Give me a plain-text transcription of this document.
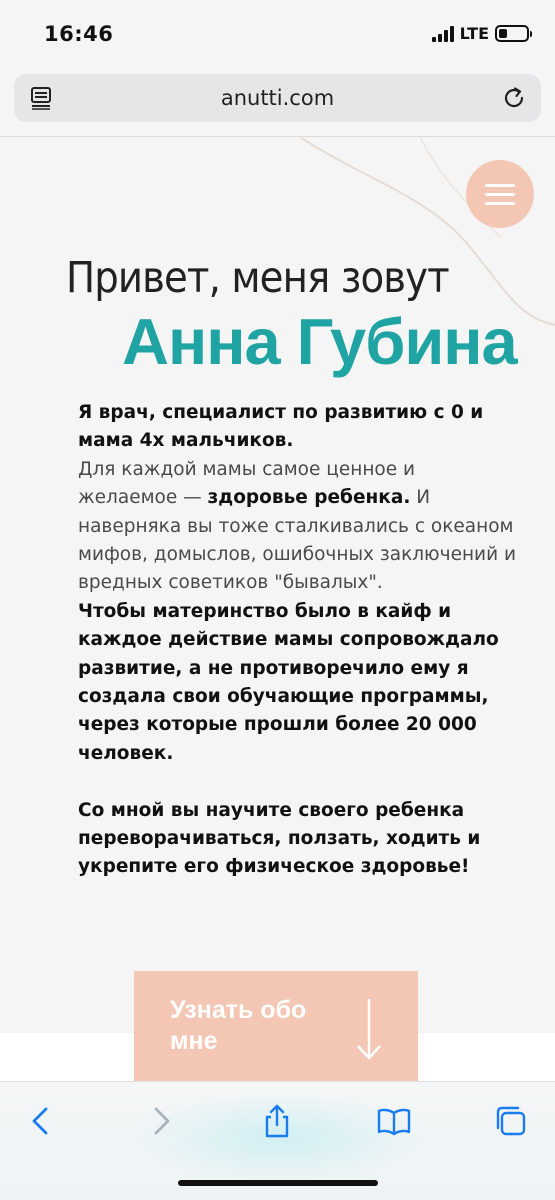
16:46	LTE
anutti.com
Привет, меня зовут
Анна Губина

Я врач, специалист по развитию с 0 и мама 4х мальчиков.

Для каждой мамы самое ценное и желаемое — здоровье ребенка. И наверняка вы тоже сталкивались с океаном мифов, домыслов, ошибочных заключений и вредных советиков "бывалых".

Чтобы материнство было в кайф и каждое действие мамы сопровождало развитие, а не противоречило ему я создала свои обучающие программы, через которые прошли более 20 000 человек.

Со мной вы научите своего ребенка переворачиваться, ползать, ходить и укрепите его физическое здоровье!

Узнать обо мне
